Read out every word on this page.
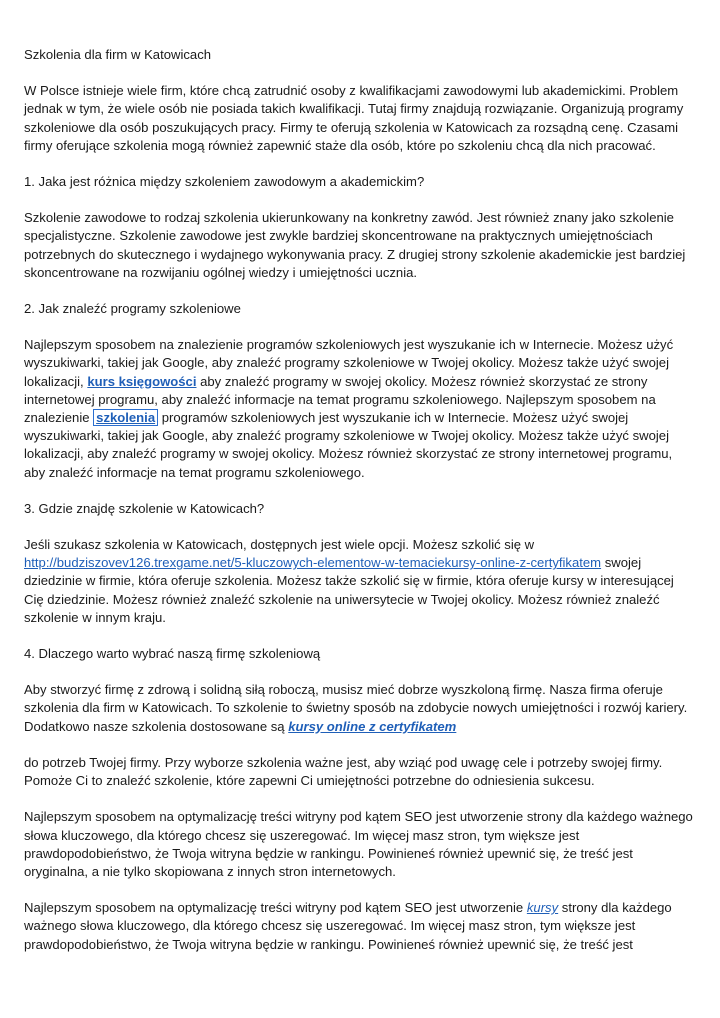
Szkolenia dla firm w Katowicach

W Polsce istnieje wiele firm, które chcą zatrudnić osoby z kwalifikacjami zawodowymi lub akademickimi. Problem jednak w tym, że wiele osób nie posiada takich kwalifikacji. Tutaj firmy znajdują rozwiązanie. Organizują programy szkoleniowe dla osób poszukujących pracy. Firmy te oferują szkolenia w Katowicach za rozsądną cenę. Czasami firmy oferujące szkolenia mogą również zapewnić staże dla osób, które po szkoleniu chcą dla nich pracować.

1. Jaka jest różnica między szkoleniem zawodowym a akademickim?

Szkolenie zawodowe to rodzaj szkolenia ukierunkowany na konkretny zawód. Jest również znany jako szkolenie specjalistyczne. Szkolenie zawodowe jest zwykle bardziej skoncentrowane na praktycznych umiejętnościach potrzebnych do skutecznego i wydajnego wykonywania pracy. Z drugiej strony szkolenie akademickie jest bardziej skoncentrowane na rozwijaniu ogólnej wiedzy i umiejętności ucznia.

2. Jak znaleźć programy szkoleniowe

Najlepszym sposobem na znalezienie programów szkoleniowych jest wyszukanie ich w Internecie. Możesz użyć wyszukiwarki, takiej jak Google, aby znaleźć programy szkoleniowe w Twojej okolicy. Możesz także użyć swojej lokalizacji, kurs księgowości aby znaleźć programy w swojej okolicy. Możesz również skorzystać ze strony internetowej programu, aby znaleźć informacje na temat programu szkoleniowego. Najlepszym sposobem na znalezienie szkolenia programów szkoleniowych jest wyszukanie ich w Internecie. Możesz użyć swojej wyszukiwarki, takiej jak Google, aby znaleźć programy szkoleniowe w Twojej okolicy. Możesz także użyć swojej lokalizacji, aby znaleźć programy w swojej okolicy. Możesz również skorzystać ze strony internetowej programu, aby znaleźć informacje na temat programu szkoleniowego.

3. Gdzie znajdę szkolenie w Katowicach?

Jeśli szukasz szkolenia w Katowicach, dostępnych jest wiele opcji. Możesz szkolić się w http://budziszovev126.trexgame.net/5-kluczowych-elementow-w-temaciekursy-online-z-certyfikatem swojej dziedzinie w firmie, która oferuje szkolenia. Możesz także szkolić się w firmie, która oferuje kursy w interesującej Cię dziedzinie. Możesz również znaleźć szkolenie na uniwersytecie w Twojej okolicy. Możesz również znaleźć szkolenie w innym kraju.

4. Dlaczego warto wybrać naszą firmę szkoleniową

Aby stworzyć firmę z zdrową i solidną siłą roboczą, musisz mieć dobrze wyszkoloną firmę. Nasza firma oferuje szkolenia dla firm w Katowicach. To szkolenie to świetny sposób na zdobycie nowych umiejętności i rozwój kariery. Dodatkowo nasze szkolenia dostosowane są kursy online z certyfikatem

do potrzeb Twojej firmy. Przy wyborze szkolenia ważne jest, aby wziąć pod uwagę cele i potrzeby swojej firmy. Pomoże Ci to znaleźć szkolenie, które zapewni Ci umiejętności potrzebne do odniesienia sukcesu.

Najlepszym sposobem na optymalizację treści witryny pod kątem SEO jest utworzenie strony dla każdego ważnego słowa kluczowego, dla którego chcesz się uszeregować. Im więcej masz stron, tym większe jest prawdopodobieństwo, że Twoja witryna będzie w rankingu. Powinieneś również upewnić się, że treść jest oryginalna, a nie tylko skopiowana z innych stron internetowych.

Najlepszym sposobem na optymalizację treści witryny pod kątem SEO jest utworzenie kursy strony dla każdego ważnego słowa kluczowego, dla którego chcesz się uszeregować. Im więcej masz stron, tym większe jest prawdopodobieństwo, że Twoja witryna będzie w rankingu. Powinieneś również upewnić się, że treść jest
